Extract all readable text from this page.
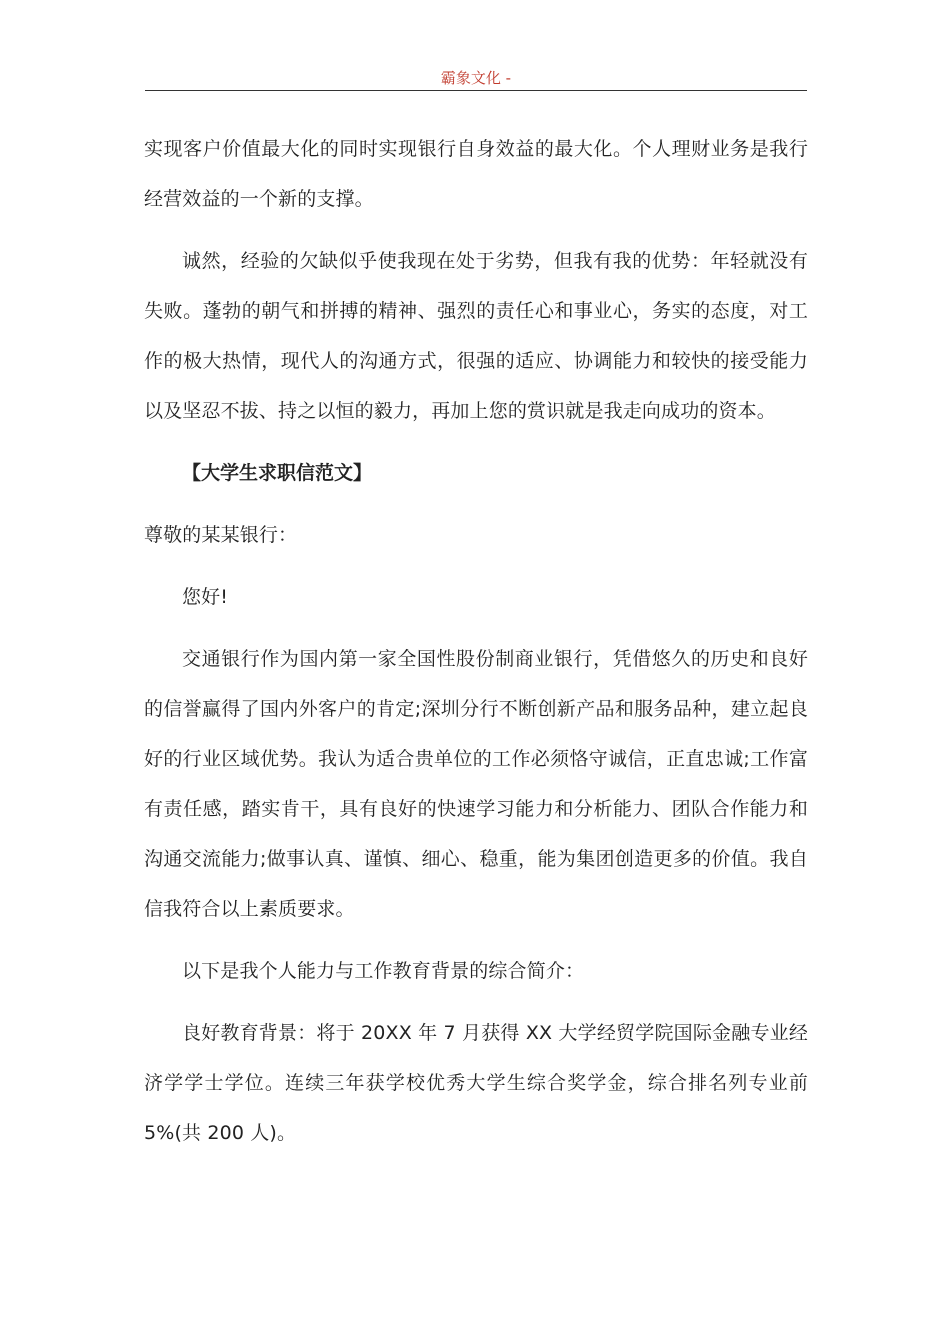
霸象文化 -

实现客户价值最大化的同时实现银行自身效益的最大化。个人理财业务是我行经营效益的一个新的支撑。

诚然，经验的欠缺似乎使我现在处于劣势，但我有我的优势：年轻就没有失败。蓬勃的朝气和拼搏的精神、强烈的责任心和事业心，务实的态度，对工作的极大热情，现代人的沟通方式，很强的适应、协调能力和较快的接受能力以及坚忍不拔、持之以恒的毅力，再加上您的赏识就是我走向成功的资本。

【大学生求职信范文】

尊敬的某某银行：

您好!

交通银行作为国内第一家全国性股份制商业银行，凭借悠久的历史和良好的信誉赢得了国内外客户的肯定;深圳分行不断创新产品和服务品种，建立起良好的行业区域优势。我认为适合贵单位的工作必须恪守诚信，正直忠诚;工作富有责任感，踏实肯干，具有良好的快速学习能力和分析能力、团队合作能力和沟通交流能力;做事认真、谨慎、细心、稳重，能为集团创造更多的价值。我自信我符合以上素质要求。

以下是我个人能力与工作教育背景的综合简介：

良好教育背景：将于 20XX 年 7 月获得 XX 大学经贸学院国际金融专业经济学学士学位。连续三年获学校优秀大学生综合奖学金，综合排名列专业前 5%(共 200 人)。
